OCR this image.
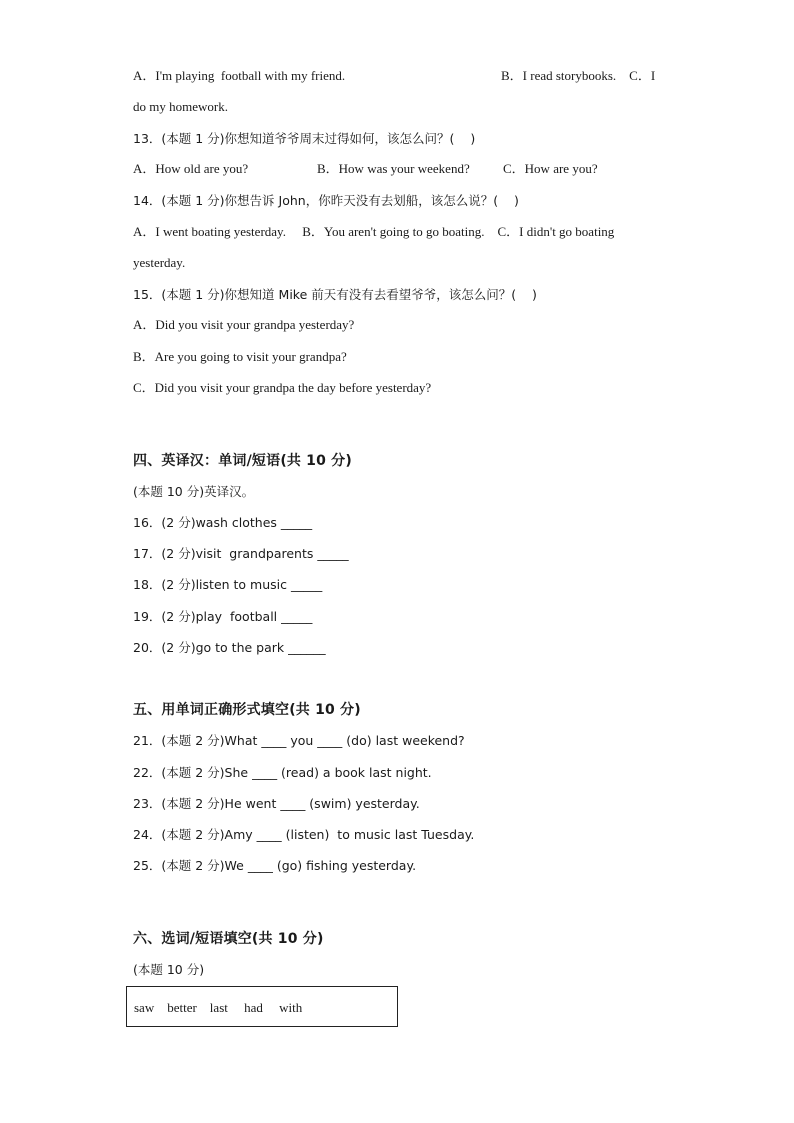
A．I'm playing  football with my friend.	B．I read storybooks.    C．I
do my homework.
13．(本题 1 分)你想知道爷爷周末过得如何，该怎么问？(    )
A．How old are you?	B．How was your weekend?	C．How are you?
14．(本题 1 分)你想告诉 John，你昨天没有去划船，该怎么说？(    )
A．I went boating yesterday.     B．You aren't going to go boating.    C．I didn't go boating
yesterday.
15．(本题 1 分)你想知道 Mike 前天有没有去看望爷爷，该怎么问？(    )
A．Did you visit your grandpa yesterday?
B．Are you going to visit your grandpa?
C．Did you visit your grandpa the day before yesterday?
四、英译汉：单词/短语(共 10 分)
(本题 10 分)英译汉。
16．(2 分)wash clothes _____
17．(2 分)visit  grandparents _____
18．(2 分)listen to music _____
19．(2 分)play  football _____
20．(2 分)go to the park ______
五、用单词正确形式填空(共 10 分)
21．(本题 2 分)What ____ you ____ (do) last weekend?
22．(本题 2 分)She ____ (read) a book last night.
23．(本题 2 分)He went ____ (swim) yesterday.
24．(本题 2 分)Amy ____ (listen)  to music last Tuesday.
25．(本题 2 分)We ____ (go) fishing yesterday.
六、选词/短语填空(共 10 分)
(本题 10 分)
saw    better    last     had     with
